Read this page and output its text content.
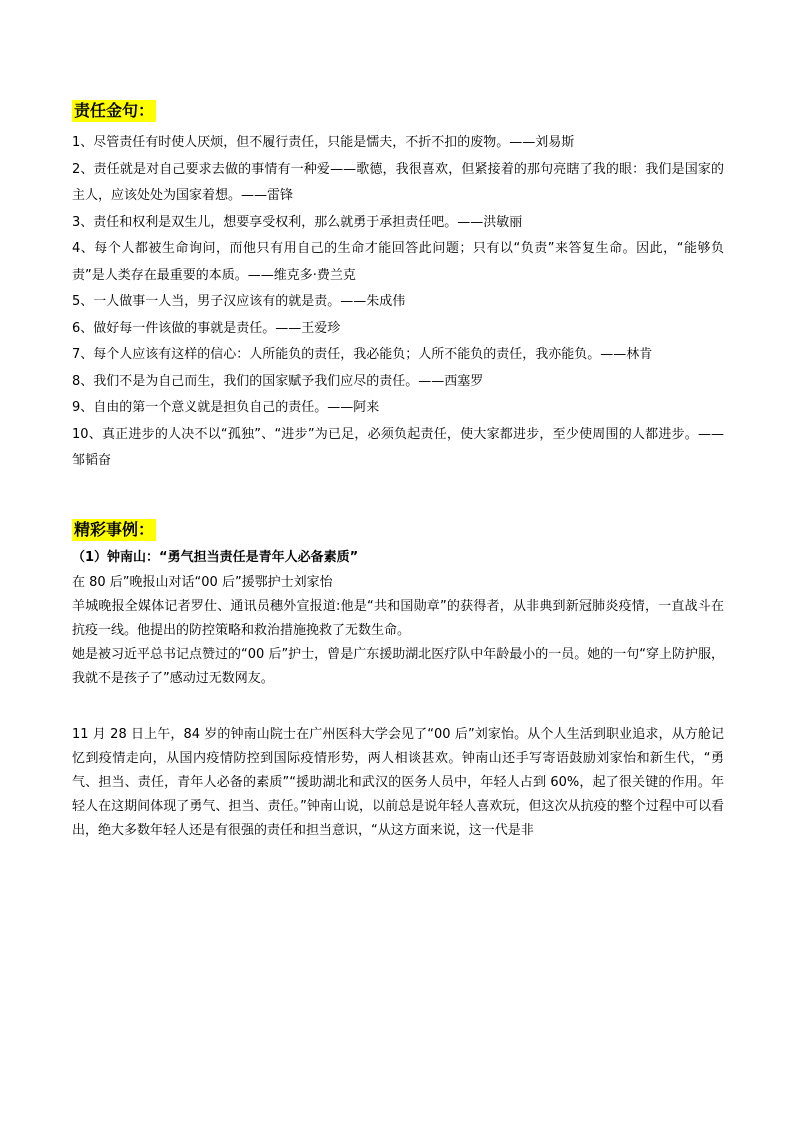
责任金句：
1、尽管责任有时使人厌烦，但不履行责任，只能是懦夫，不折不扣的废物。——刘易斯
2、责任就是对自己要求去做的事情有一种爱——歌德，我很喜欢，但紧接着的那句亮瞎了我的眼：我们是国家的主人，应该处处为国家着想。——雷锋
3、责任和权利是双生儿，想要享受权利，那么就勇于承担责任吧。——洪敏丽
4、每个人都被生命询问，而他只有用自己的生命才能回答此问题；只有以“负责”来答复生命。因此，“能够负责”是人类存在最重要的本质。——维克多·费兰克
5、一人做事一人当，男子汉应该有的就是责。——朱成伟
6、做好每一件该做的事就是责任。——王爱珍
7、每个人应该有这样的信心：人所能负的责任，我必能负；人所不能负的责任，我亦能负。——林肯
8、我们不是为自己而生，我们的国家赋予我们应尽的责任。——西塞罗
9、自由的第一个意义就是担负自己的责任。——阿来
10、真正进步的人决不以“孤独”、“进步”为已足，必须负起责任，使大家都进步，至少使周围的人都进步。——邹韬奋
精彩事例：
（1）钟南山：“勇气担当责任是青年人必备素质”

在 80 后”晚报山对话“00 后”援鄂护士刘家怡

羊城晚报全媒体记者罗仕、通讯员穗外宣报道:他是“共和国勋章”的获得者，从非典到新冠肺炎疫情，一直战斗在抗疫一线。他提出的防控策略和救治措施挽救了无数生命。

她是被习近平总书记点赞过的“00 后”护士，曾是广东援助湖北医疗队中年龄最小的一员。她的一句“穿上防护服，我就不是孩子了”感动过无数网友。

11 月 28 日上午，84 岁的钟南山院士在广州医科大学会见了“00 后”刘家怡。从个人生活到职业追求，从方舱记忆到疫情走向，从国内疫情防控到国际疫情形势，两人相谈甚欢。钟南山还手写寄语鼓励刘家怡和新生代，“勇气、担当、责任，青年人必备的素质”“援助湖北和武汉的医务人员中，年轻人占到 60%，起了很关键的作用。年轻人在这期间体现了勇气、担当、责任。”钟南山说，以前总是说年轻人喜欢玩，但这次从抗疫的整个过程中可以看出，绝大多数年轻人还是有很强的责任和担当意识，“从这方面来说，这一代是非
